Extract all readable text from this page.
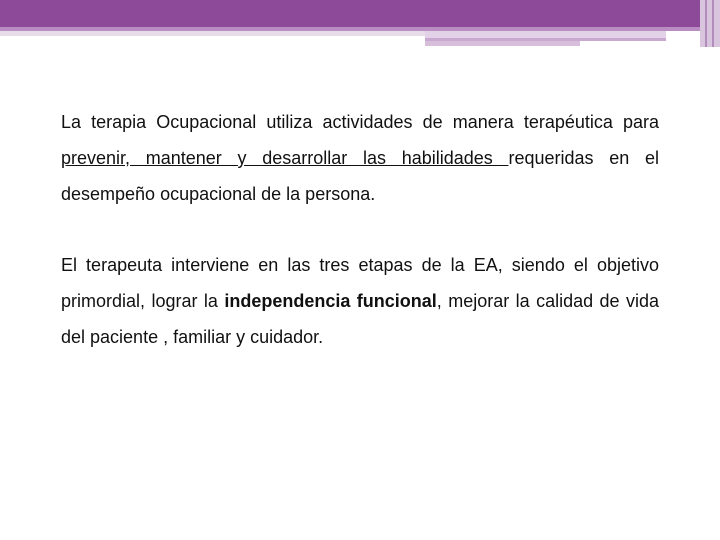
La terapia Ocupacional utiliza actividades de manera terapéutica para prevenir, mantener y desarrollar las habilidades requeridas en el desempeño ocupacional de la persona.

El terapeuta interviene en las tres etapas de la EA, siendo el objetivo primordial, lograr la independencia funcional, mejorar la calidad de vida del paciente , familiar y cuidador.
